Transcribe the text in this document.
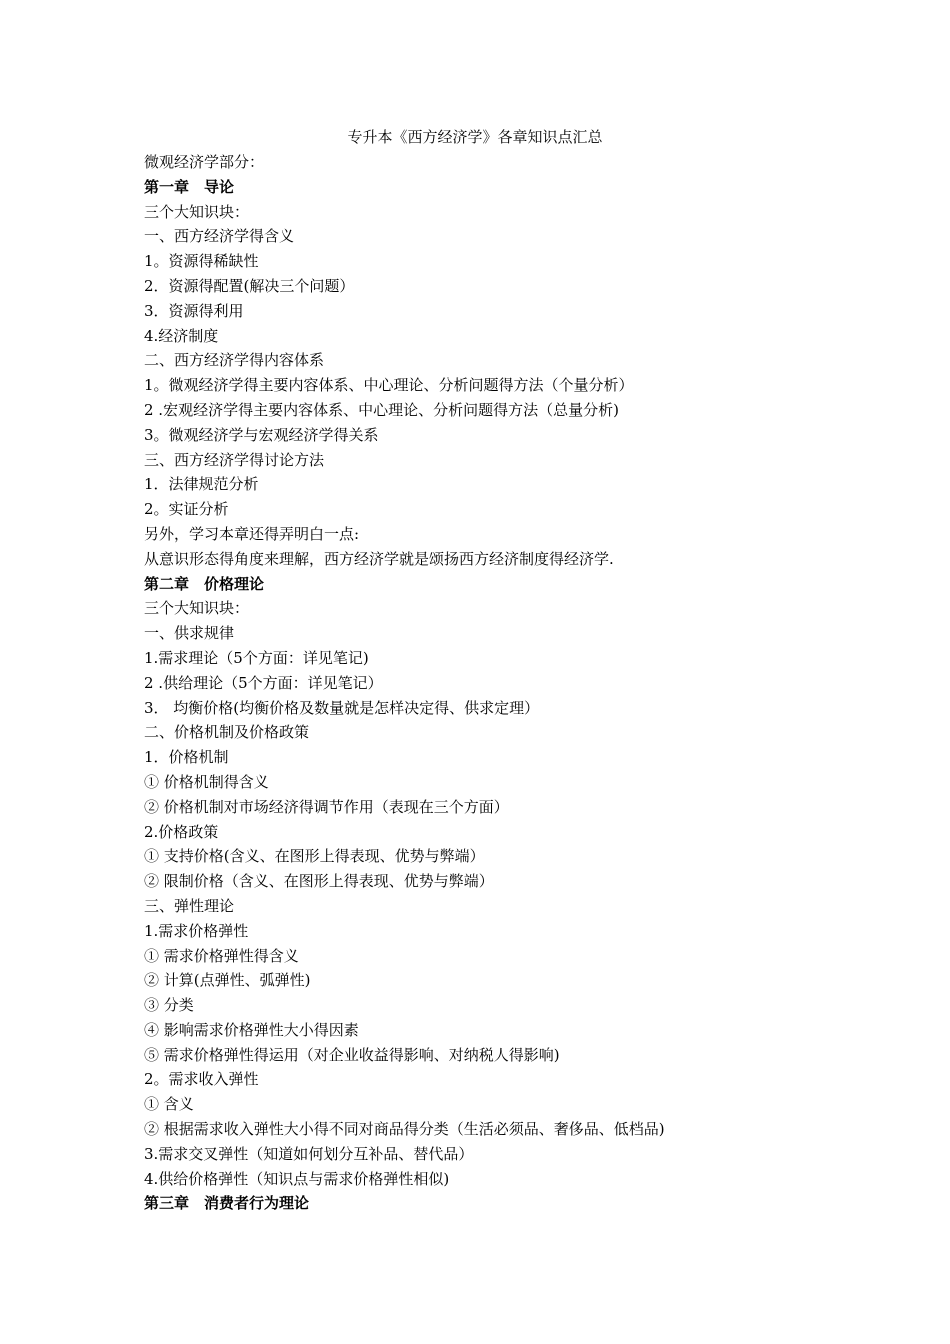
专升本《西方经济学》各章知识点汇总
微观经济学部分：
第一章　导论
三个大知识块：
一、西方经济学得含义
1。资源得稀缺性
2．资源得配置(解决三个问题）
3．资源得利用
4.经济制度
二、西方经济学得内容体系
1。微观经济学得主要内容体系、中心理论、分析问题得方法（个量分析）
2 .宏观经济学得主要内容体系、中心理论、分析问题得方法（总量分析)
3。微观经济学与宏观经济学得关系
三、西方经济学得讨论方法
1．法律规范分析
2。实证分析
另外，学习本章还得弄明白一点:
从意识形态得角度来理解，西方经济学就是颂扬西方经济制度得经济学.
第二章　价格理论
三个大知识块：
一、供求规律
1.需求理论（5个方面：详见笔记)
2 .供给理论（5个方面：详见笔记）
3． 均衡价格(均衡价格及数量就是怎样决定得、供求定理）
二、价格机制及价格政策
1．价格机制
① 价格机制得含义
② 价格机制对市场经济得调节作用（表现在三个方面）
2.价格政策
① 支持价格(含义、在图形上得表现、优势与弊端）
② 限制价格（含义、在图形上得表现、优势与弊端）
三、弹性理论
1.需求价格弹性
① 需求价格弹性得含义
② 计算(点弹性、弧弹性)
③ 分类
④ 影响需求价格弹性大小得因素
⑤ 需求价格弹性得运用（对企业收益得影响、对纳税人得影响)
2。需求收入弹性
① 含义
② 根据需求收入弹性大小得不同对商品得分类（生活必须品、奢侈品、低档品)
3.需求交叉弹性（知道如何划分互补品、替代品）
4.供给价格弹性（知识点与需求价格弹性相似)
第三章　消费者行为理论
